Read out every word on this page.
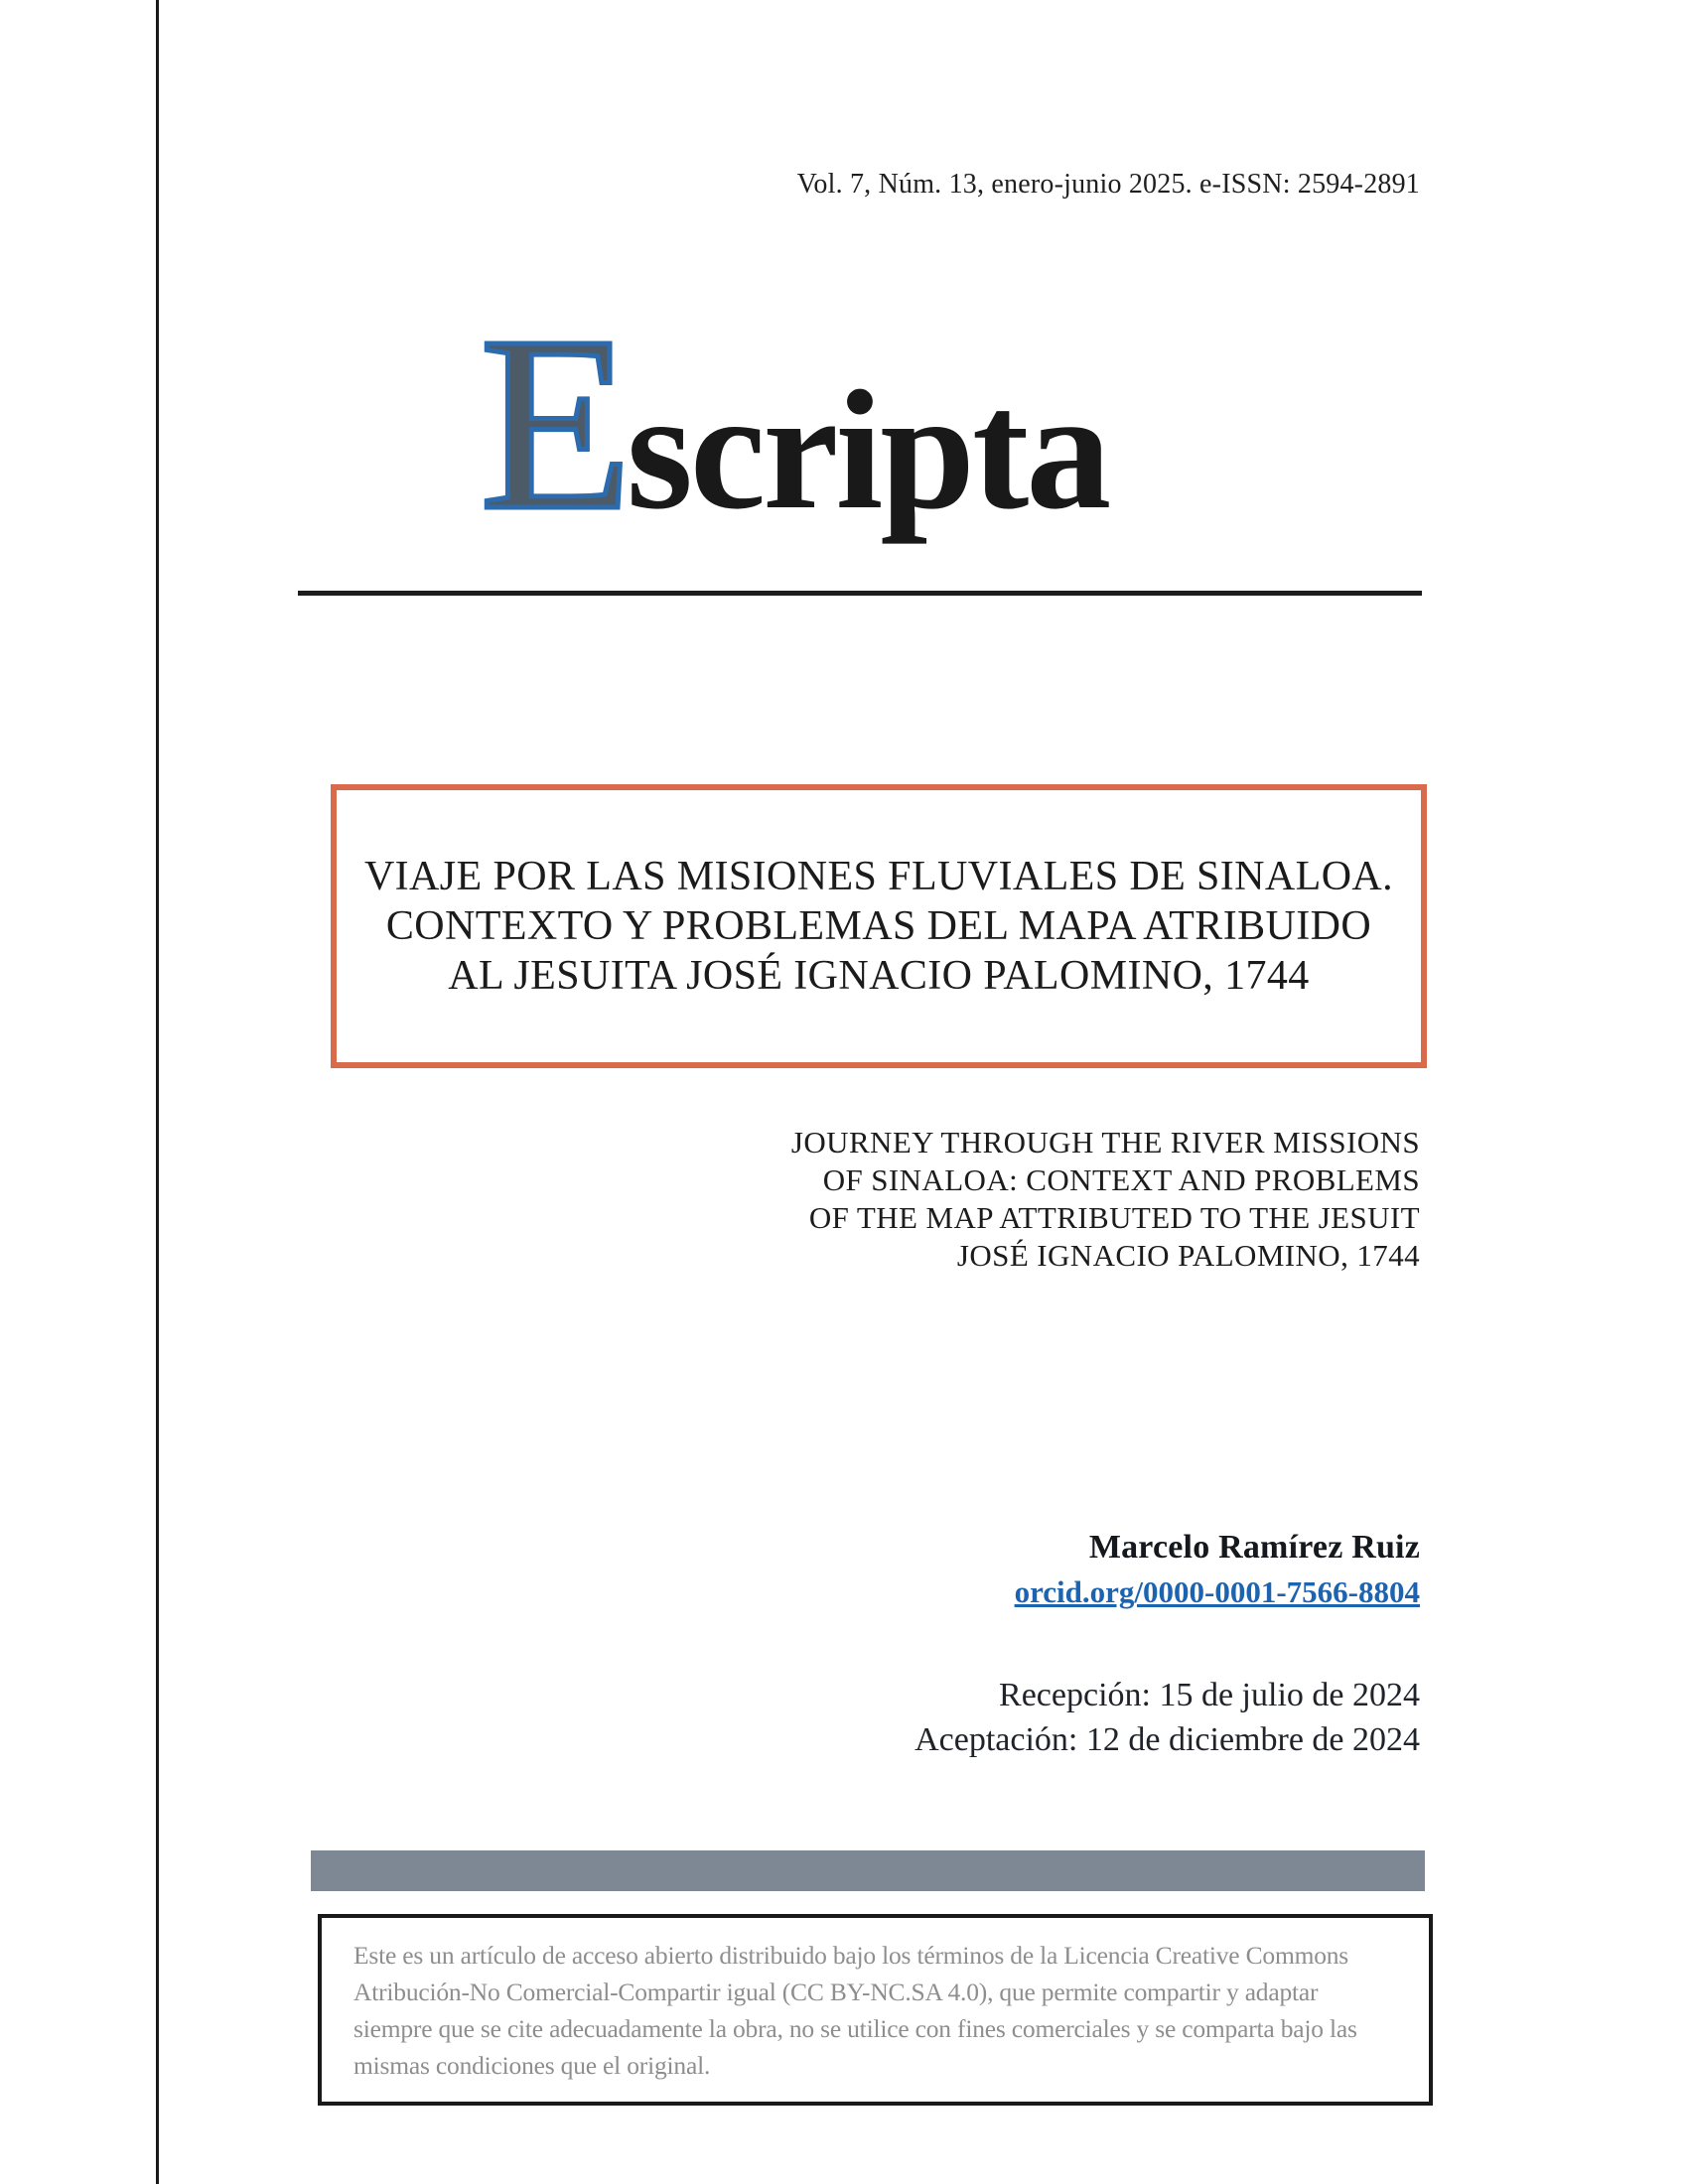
Vol. 7, Núm. 13, enero-junio 2025. e-ISSN: 2594-2891
E scripta
VIAJE POR LAS MISIONES FLUVIALES DE SINALOA.
CONTEXTO Y PROBLEMAS DEL MAPA ATRIBUIDO
AL JESUITA JOSÉ IGNACIO PALOMINO, 1744
JOURNEY THROUGH THE RIVER MISSIONS
OF SINALOA: CONTEXT AND PROBLEMS
OF THE MAP ATTRIBUTED TO THE JESUIT
JOSÉ IGNACIO PALOMINO, 1744
Marcelo Ramírez Ruiz
orcid.org/0000-0001-7566-8804
Recepción: 15 de julio de 2024
Aceptación: 12 de diciembre de 2024

Este es un artículo de acceso abierto distribuido bajo los términos de la Licencia Creative Commons Atribución-No Comercial-Compartir igual (CC BY-NC.SA 4.0), que permite compartir y adaptar siempre que se cite adecuadamente la obra, no se utilice con fines comerciales y se comparta bajo las mismas condiciones que el original.
